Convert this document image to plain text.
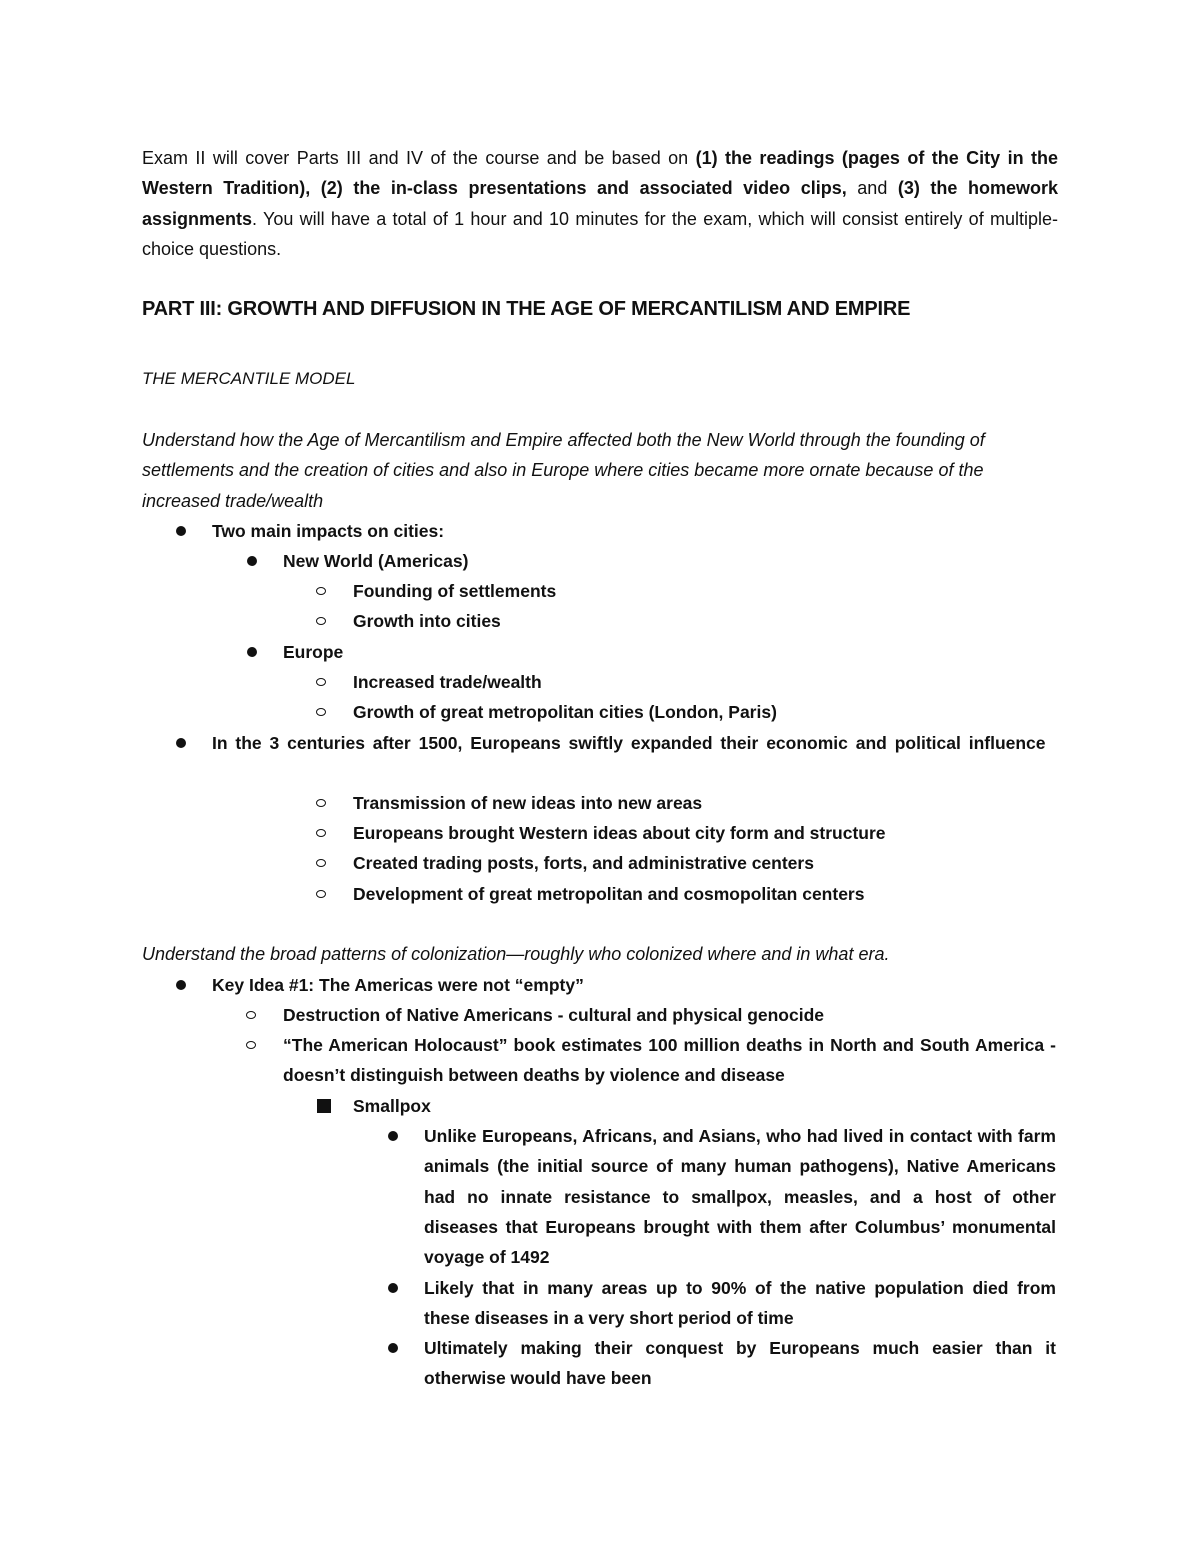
Exam II will cover Parts III and IV of the course and be based on (1) the readings (pages of the City in the Western Tradition), (2) the in-class presentations and associated video clips, and (3) the homework assignments. You will have a total of 1 hour and 10 minutes for the exam, which will consist entirely of multiple-choice questions.
PART III: GROWTH AND DIFFUSION IN THE AGE OF MERCANTILISM AND EMPIRE
THE MERCANTILE MODEL
Understand how the Age of Mercantilism and Empire affected both the New World through the founding of settlements and the creation of cities and also in Europe where cities became more ornate because of the increased trade/wealth
Two main impacts on cities:
New World (Americas)
Founding of settlements
Growth into cities
Europe
Increased trade/wealth
Growth of great metropolitan cities (London, Paris)
In the 3 centuries after 1500, Europeans swiftly expanded their economic and political influence
Transmission of new ideas into new areas
Europeans brought Western ideas about city form and structure
Created trading posts, forts, and administrative centers
Development of great metropolitan and cosmopolitan centers
Understand the broad patterns of colonization—roughly who colonized where and in what era.
Key Idea #1: The Americas were not “empty”
Destruction of Native Americans - cultural and physical genocide
“The American Holocaust” book estimates 100 million deaths in North and South America - doesn’t distinguish between deaths by violence and disease
Smallpox
Unlike Europeans, Africans, and Asians, who had lived in contact with farm animals (the initial source of many human pathogens), Native Americans had no innate resistance to smallpox, measles, and a host of other diseases that Europeans brought with them after Columbus’ monumental voyage of 1492
Likely that in many areas up to 90% of the native population died from these diseases in a very short period of time
Ultimately making their conquest by Europeans much easier than it otherwise would have been
